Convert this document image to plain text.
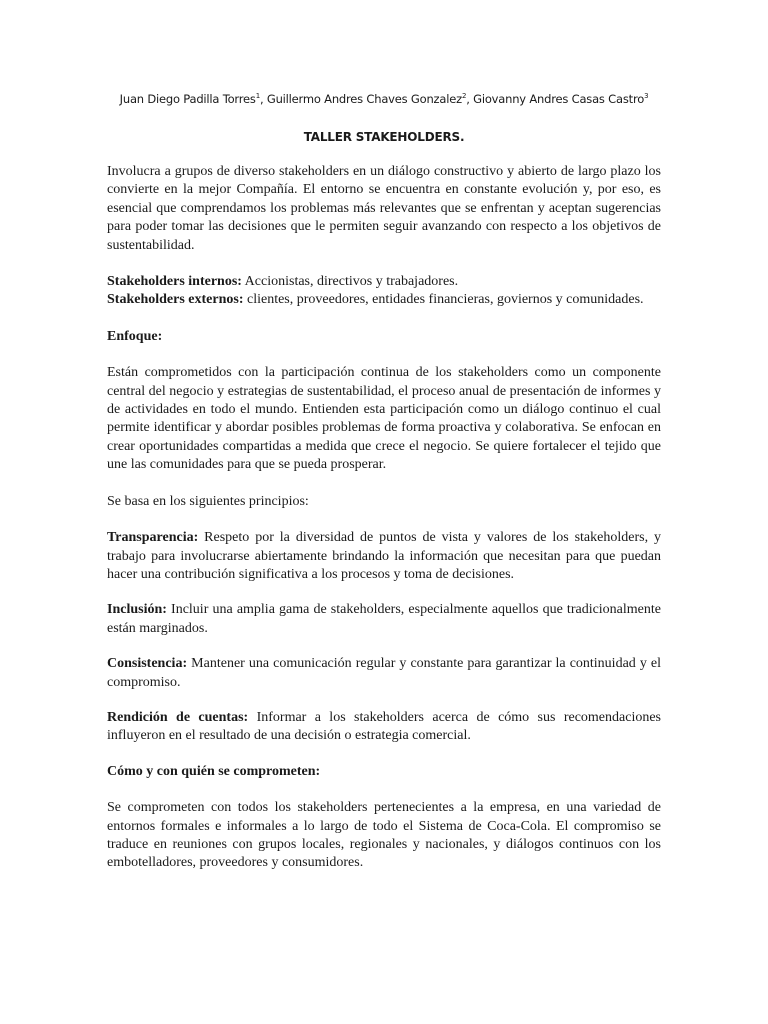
Juan Diego Padilla Torres$^1$, Guillermo Andres Chaves Gonzalez$^2$, Giovanny Andres Casas Castro$^3$
TALLER STAKEHOLDERS.

Involucra a grupos de diverso stakeholders en un diálogo constructivo y abierto de largo plazo los convierte en la mejor Compañía. El entorno se encuentra en constante evolución y, por eso, es esencial que comprendamos los problemas más relevantes que se enfrentan y aceptan sugerencias para poder tomar las decisiones que le permiten seguir avanzando con respecto a los objetivos de sustentabilidad.

Stakeholders internos: Accionistas, directivos y trabajadores.

Stakeholders externos: clientes, proveedores, entidades financieras, goviernos y comunidades.

Enfoque:

Están comprometidos con la participación continua de los stakeholders como un componente central del negocio y estrategias de sustentabilidad, el proceso anual de presentación de informes y de actividades en todo el mundo. Entienden esta participación como un diálogo continuo el cual permite identificar y abordar posibles problemas de forma proactiva y colaborativa. Se enfocan en crear oportunidades compartidas a medida que crece el negocio. Se quiere fortalecer el tejido que une las comunidades para que se pueda prosperar.

Se basa en los siguientes principios:

Transparencia: Respeto por la diversidad de puntos de vista y valores de los stakeholders, y trabajo para involucrarse abiertamente brindando la información que necesitan para que puedan hacer una contribución significativa a los procesos y toma de decisiones.

Inclusión: Incluir una amplia gama de stakeholders, especialmente aquellos que tradicionalmente están marginados.

Consistencia: Mantener una comunicación regular y constante para garantizar la continuidad y el compromiso.

Rendición de cuentas: Informar a los stakeholders acerca de cómo sus recomendaciones influyeron en el resultado de una decisión o estrategia comercial.

Cómo y con quién se comprometen:

Se comprometen con todos los stakeholders pertenecientes a la empresa, en una variedad de entornos formales e informales a lo largo de todo el Sistema de Coca-Cola. El compromiso se traduce en reuniones con grupos locales, regionales y nacionales, y diálogos continuos con los embotelladores, proveedores y consumidores.
